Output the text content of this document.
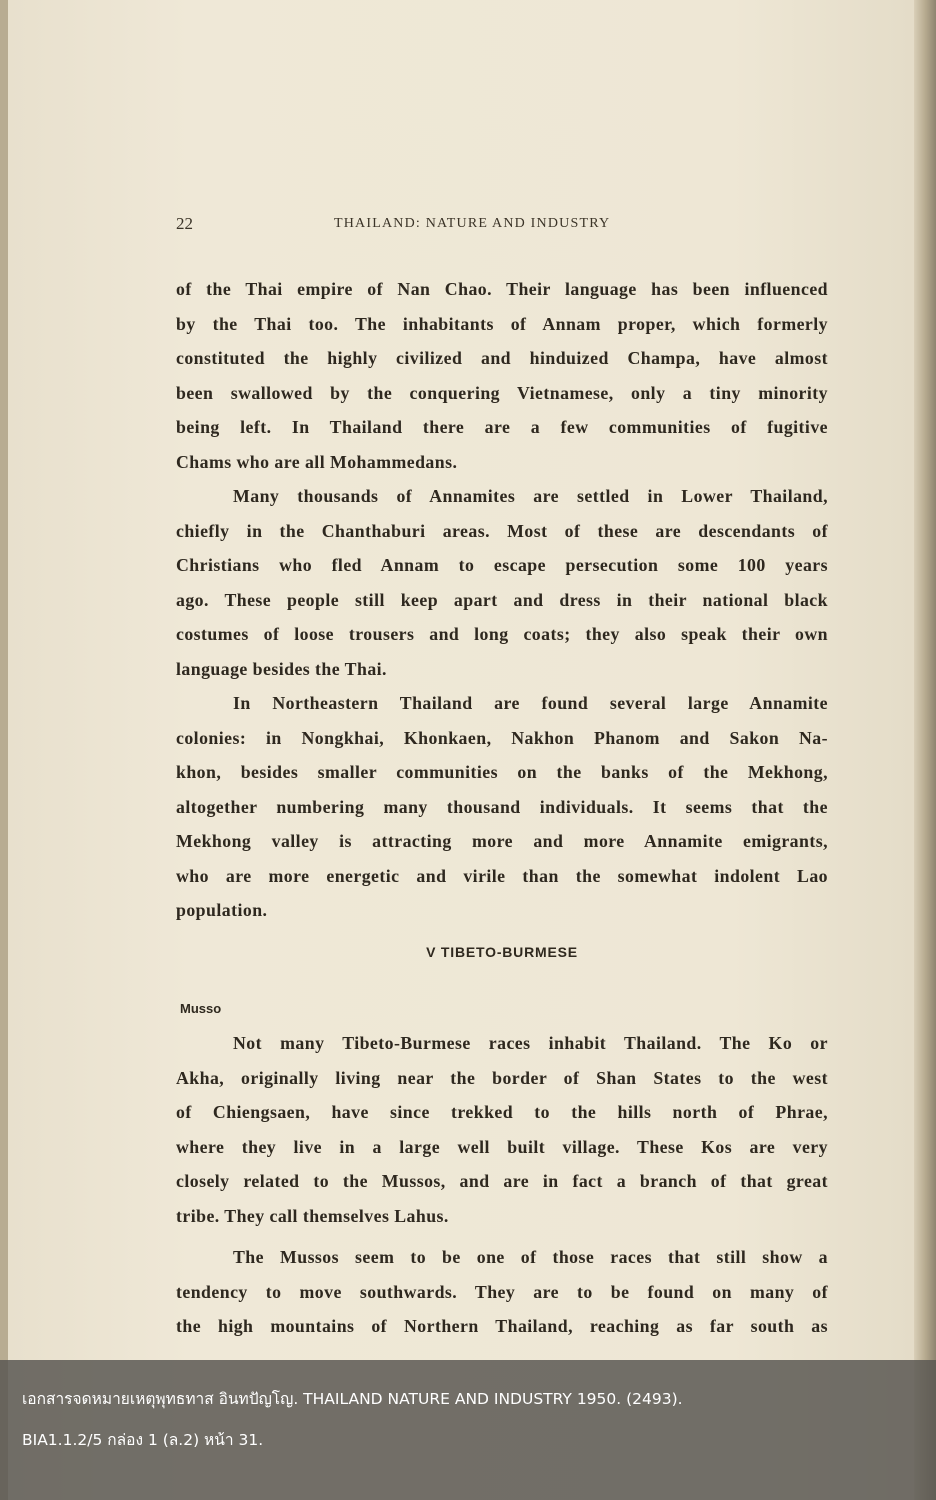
22	THAILAND: NATURE AND INDUSTRY
of the Thai empire of Nan Chao. Their language has been influenced
by the Thai too. The inhabitants of Annam proper, which formerly
constituted the highly civilized and hinduized Champa, have almost
been swallowed by the conquering Vietnamese, only a tiny minority
being left. In Thailand there are a few communities of fugitive
Chams who are all Mohammedans.
Many thousands of Annamites are settled in Lower Thailand,
chiefly in the Chanthaburi areas. Most of these are descendants of
Christians who fled Annam to escape persecution some 100 years
ago. These people still keep apart and dress in their national black
costumes of loose trousers and long coats; they also speak their own
language besides the Thai.
In Northeastern Thailand are found several large Annamite
colonies: in Nongkhai, Khonkaen, Nakhon Phanom and Sakon Na-
khon, besides smaller communities on the banks of the Mekhong,
altogether numbering many thousand individuals. It seems that the
Mekhong valley is attracting more and more Annamite emigrants,
who are more energetic and virile than the somewhat indolent Lao
population.
V TIBETO-BURMESE
Musso
Not many Tibeto-Burmese races inhabit Thailand. The Ko or
Akha, originally living near the border of Shan States to the west
of Chiengsaen, have since trekked to the hills north of Phrae,
where they live in a large well built village. These Kos are very
closely related to the Mussos, and are in fact a branch of that great
tribe. They call themselves Lahus.
The Mussos seem to be one of those races that still show a
tendency to move southwards. They are to be found on many of
the high mountains of Northern Thailand, reaching as far south as
เอกสารจดหมายเหตุพุทธทาส อินทปัญโญ. THAILAND NATURE AND INDUSTRY 1950. (2493).
BIA1.1.2/5 กล่อง 1 (ล.2) หน้า 31.
